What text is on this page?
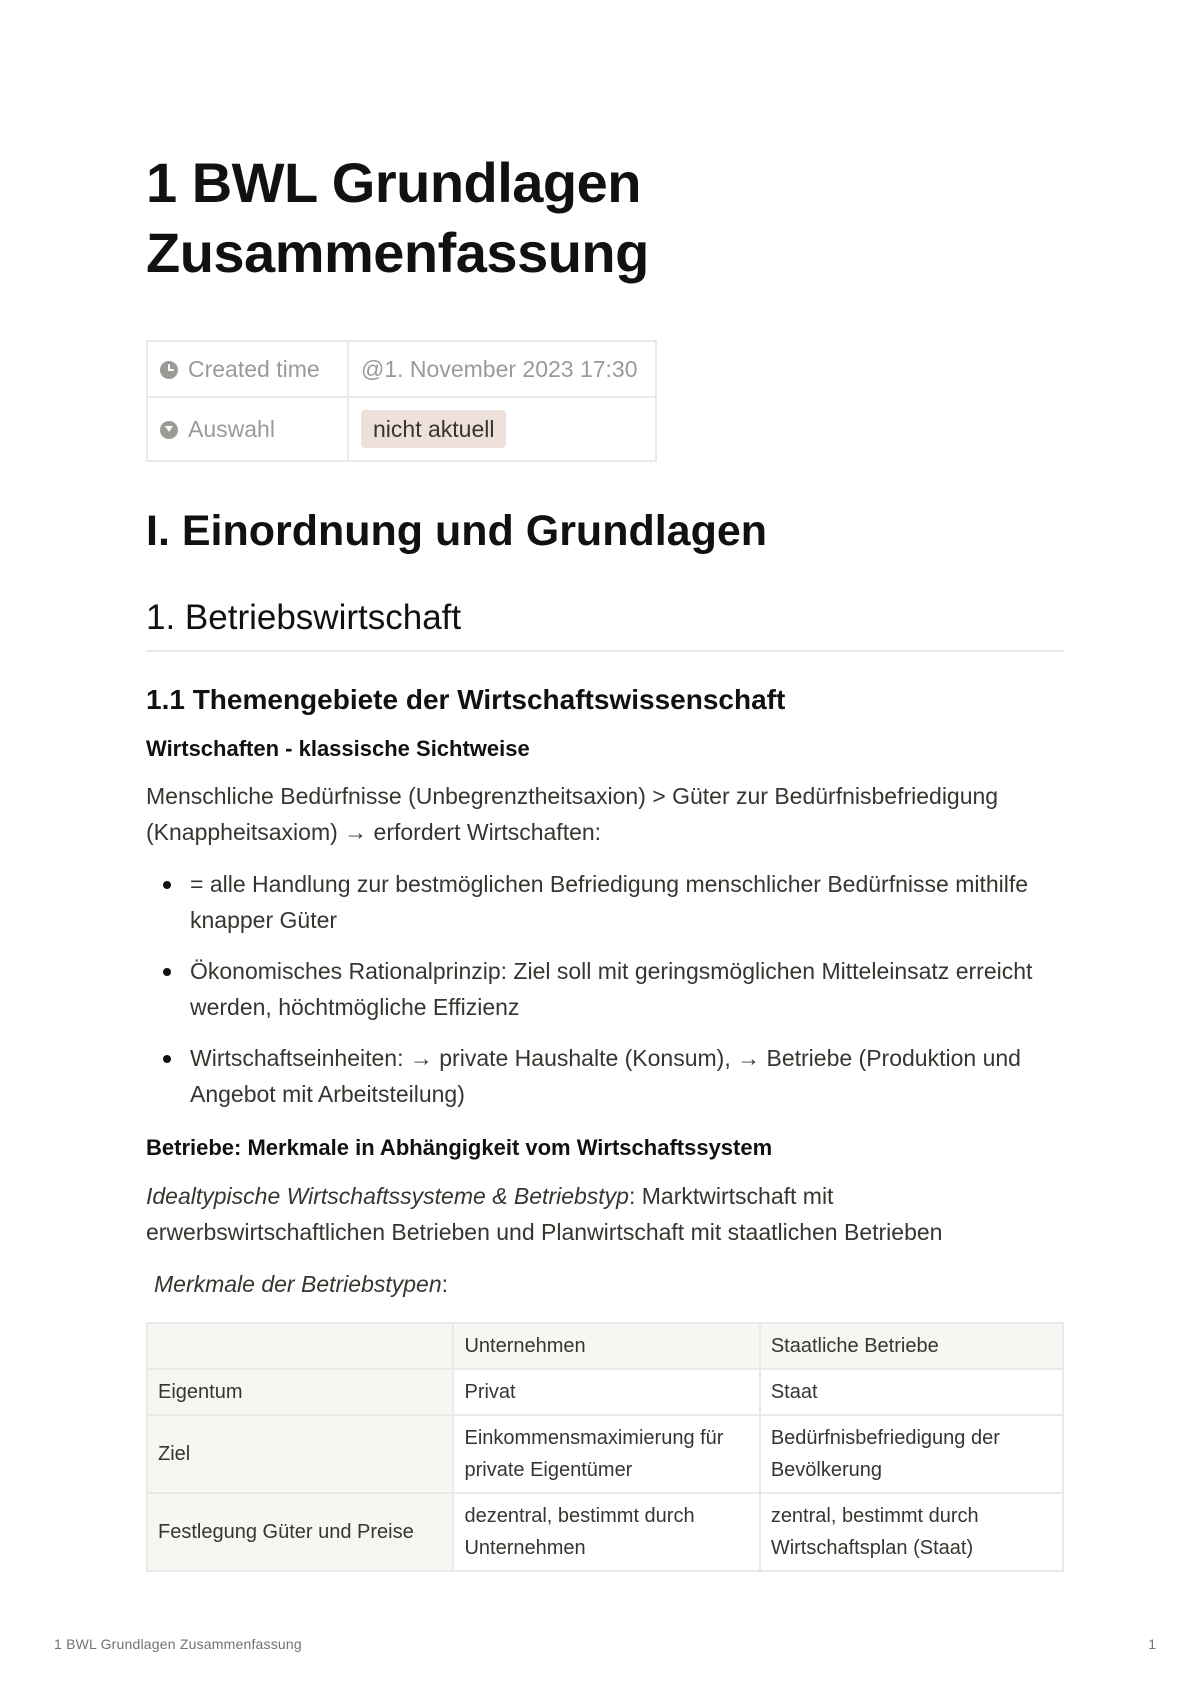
1 BWL Grundlagen
Zusammenfassung
Created time	@1. November 2023 17:30
Auswahl	nicht aktuell
I. Einordnung und Grundlagen
1. Betriebswirtschaft
1.1 Themengebiete der Wirtschaftswissenschaft

Wirtschaften - klassische Sichtweise

Menschliche Bedürfnisse (Unbegrenztheitsaxion) > Güter zur Bedürfnisbefriedigung (Knappheitsaxiom) → erfordert Wirtschaften:

= alle Handlung zur bestmöglichen Befriedigung menschlicher Bedürfnisse mithilfe knapper Güter
Ökonomisches Rationalprinzip: Ziel soll mit geringsmöglichen Mitteleinsatz erreicht werden, höchtmögliche Effizienz
Wirtschaftseinheiten: → private Haushalte (Konsum), → Betriebe (Produktion und Angebot mit Arbeitsteilung)

Betriebe: Merkmale in Abhängigkeit vom Wirtschaftssystem

Idealtypische Wirtschaftssysteme & Betriebstyp: Marktwirtschaft mit erwerbswirtschaftlichen Betrieben und Planwirtschaft mit staatlichen Betrieben

Merkmale der Betriebstypen:

	Unternehmen	Staatliche Betriebe
Eigentum	Privat	Staat
Ziel	Einkommensmaximierung für private Eigentümer	Bedürfnisbefriedigung der Bevölkerung
Festlegung Güter und Preise	dezentral, bestimmt durch Unternehmen	zentral, bestimmt durch Wirtschaftsplan (Staat)
1 BWL Grundlagen Zusammenfassung	1
